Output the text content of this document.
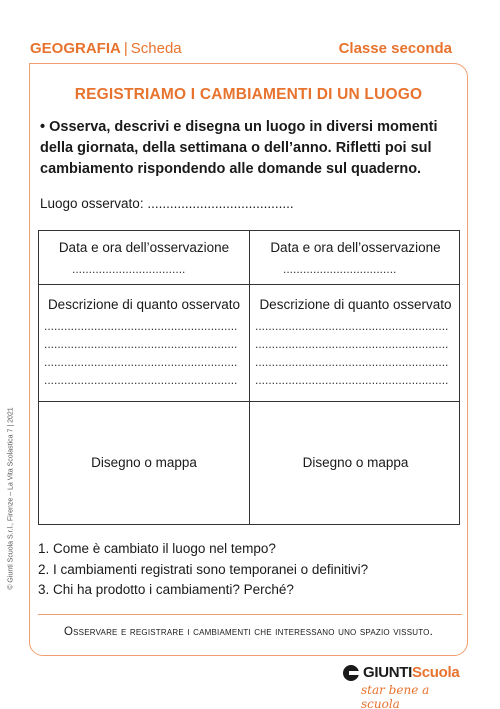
GEOGRAFIA | Scheda	Classe seconda
REGISTRIAMO I CAMBIAMENTI DI UN LUOGO
• Osserva, descrivi e disegna un luogo in diversi momenti della giornata, della settimana o dell’anno. Rifletti poi sul cambiamento rispondendo alle domande sul quaderno.
Luogo osservato: .......................................
Data e ora dell’osservazione
..................................
Data e ora dell’osservazione
..................................
Descrizione di quanto osservato
..........................................................
..........................................................
..........................................................
..........................................................
Descrizione di quanto osservato
..........................................................
..........................................................
..........................................................
..........................................................
Disegno o mappa	Disegno o mappa
1. Come è cambiato il luogo nel tempo?
2. I cambiamenti registrati sono temporanei o definitivi?
3. Chi ha prodotto i cambiamenti? Perché?
Osservare e registrare i cambiamenti che interessano uno spazio vissuto.
© Giunti Scuola S.r.l., Firenze – La Vita Scolastica 7 | 2021
GIUNTIScuola
star bene a scuola
